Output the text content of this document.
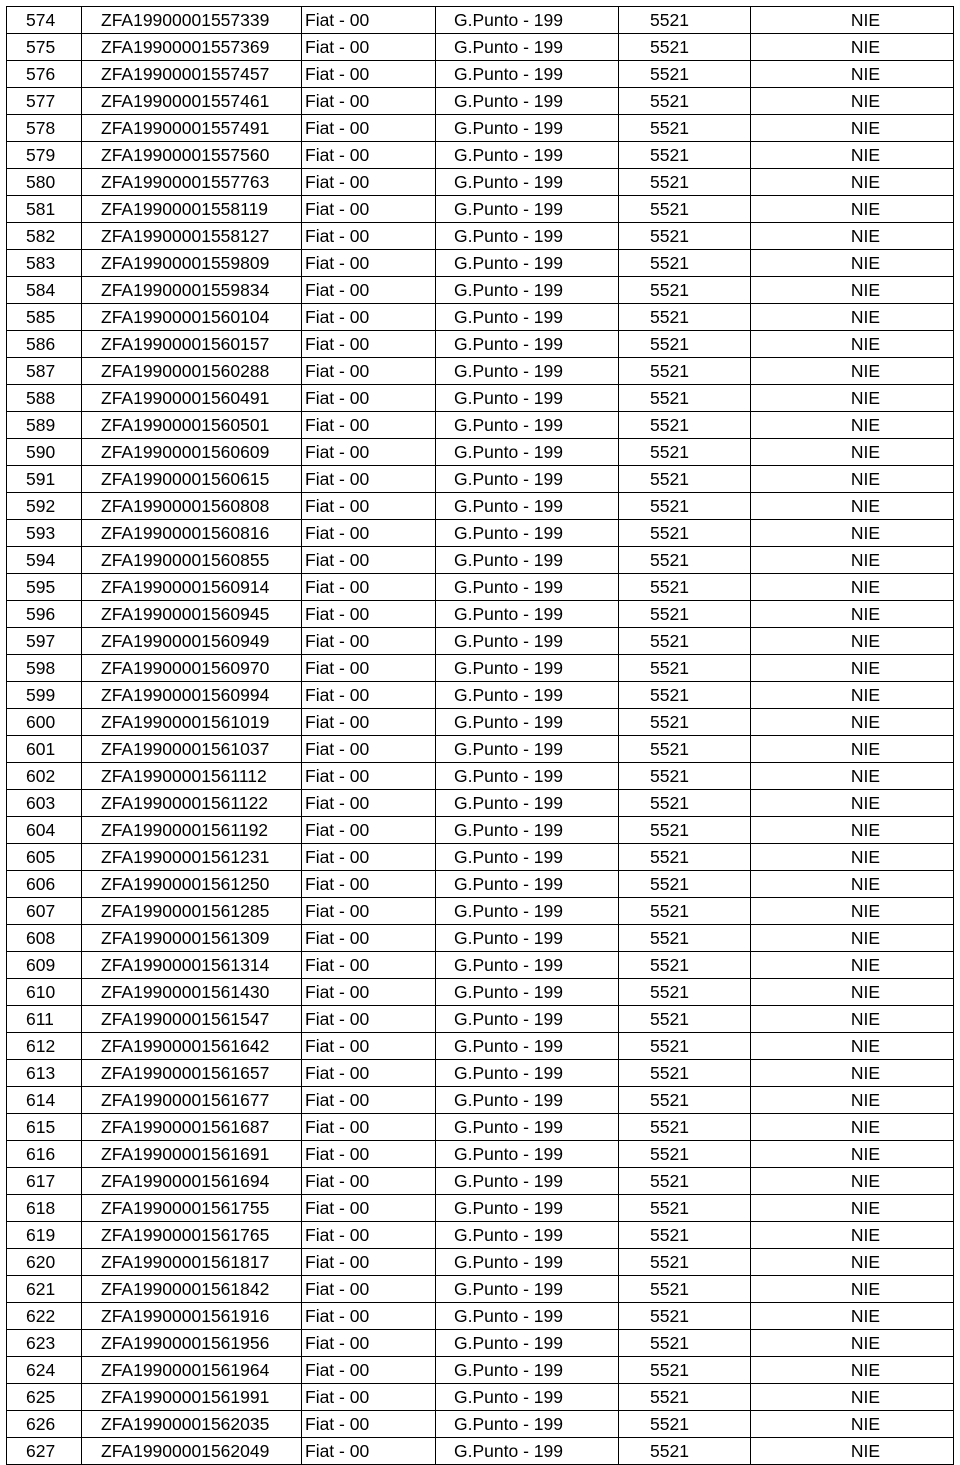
574	ZFA19900001557339	Fiat - 00	G.Punto - 199	5521	NIE
575	ZFA19900001557369	Fiat - 00	G.Punto - 199	5521	NIE
576	ZFA19900001557457	Fiat - 00	G.Punto - 199	5521	NIE
577	ZFA19900001557461	Fiat - 00	G.Punto - 199	5521	NIE
578	ZFA19900001557491	Fiat - 00	G.Punto - 199	5521	NIE
579	ZFA19900001557560	Fiat - 00	G.Punto - 199	5521	NIE
580	ZFA19900001557763	Fiat - 00	G.Punto - 199	5521	NIE
581	ZFA19900001558119	Fiat - 00	G.Punto - 199	5521	NIE
582	ZFA19900001558127	Fiat - 00	G.Punto - 199	5521	NIE
583	ZFA19900001559809	Fiat - 00	G.Punto - 199	5521	NIE
584	ZFA19900001559834	Fiat - 00	G.Punto - 199	5521	NIE
585	ZFA19900001560104	Fiat - 00	G.Punto - 199	5521	NIE
586	ZFA19900001560157	Fiat - 00	G.Punto - 199	5521	NIE
587	ZFA19900001560288	Fiat - 00	G.Punto - 199	5521	NIE
588	ZFA19900001560491	Fiat - 00	G.Punto - 199	5521	NIE
589	ZFA19900001560501	Fiat - 00	G.Punto - 199	5521	NIE
590	ZFA19900001560609	Fiat - 00	G.Punto - 199	5521	NIE
591	ZFA19900001560615	Fiat - 00	G.Punto - 199	5521	NIE
592	ZFA19900001560808	Fiat - 00	G.Punto - 199	5521	NIE
593	ZFA19900001560816	Fiat - 00	G.Punto - 199	5521	NIE
594	ZFA19900001560855	Fiat - 00	G.Punto - 199	5521	NIE
595	ZFA19900001560914	Fiat - 00	G.Punto - 199	5521	NIE
596	ZFA19900001560945	Fiat - 00	G.Punto - 199	5521	NIE
597	ZFA19900001560949	Fiat - 00	G.Punto - 199	5521	NIE
598	ZFA19900001560970	Fiat - 00	G.Punto - 199	5521	NIE
599	ZFA19900001560994	Fiat - 00	G.Punto - 199	5521	NIE
600	ZFA19900001561019	Fiat - 00	G.Punto - 199	5521	NIE
601	ZFA19900001561037	Fiat - 00	G.Punto - 199	5521	NIE
602	ZFA19900001561112	Fiat - 00	G.Punto - 199	5521	NIE
603	ZFA19900001561122	Fiat - 00	G.Punto - 199	5521	NIE
604	ZFA19900001561192	Fiat - 00	G.Punto - 199	5521	NIE
605	ZFA19900001561231	Fiat - 00	G.Punto - 199	5521	NIE
606	ZFA19900001561250	Fiat - 00	G.Punto - 199	5521	NIE
607	ZFA19900001561285	Fiat - 00	G.Punto - 199	5521	NIE
608	ZFA19900001561309	Fiat - 00	G.Punto - 199	5521	NIE
609	ZFA19900001561314	Fiat - 00	G.Punto - 199	5521	NIE
610	ZFA19900001561430	Fiat - 00	G.Punto - 199	5521	NIE
611	ZFA19900001561547	Fiat - 00	G.Punto - 199	5521	NIE
612	ZFA19900001561642	Fiat - 00	G.Punto - 199	5521	NIE
613	ZFA19900001561657	Fiat - 00	G.Punto - 199	5521	NIE
614	ZFA19900001561677	Fiat - 00	G.Punto - 199	5521	NIE
615	ZFA19900001561687	Fiat - 00	G.Punto - 199	5521	NIE
616	ZFA19900001561691	Fiat - 00	G.Punto - 199	5521	NIE
617	ZFA19900001561694	Fiat - 00	G.Punto - 199	5521	NIE
618	ZFA19900001561755	Fiat - 00	G.Punto - 199	5521	NIE
619	ZFA19900001561765	Fiat - 00	G.Punto - 199	5521	NIE
620	ZFA19900001561817	Fiat - 00	G.Punto - 199	5521	NIE
621	ZFA19900001561842	Fiat - 00	G.Punto - 199	5521	NIE
622	ZFA19900001561916	Fiat - 00	G.Punto - 199	5521	NIE
623	ZFA19900001561956	Fiat - 00	G.Punto - 199	5521	NIE
624	ZFA19900001561964	Fiat - 00	G.Punto - 199	5521	NIE
625	ZFA19900001561991	Fiat - 00	G.Punto - 199	5521	NIE
626	ZFA19900001562035	Fiat - 00	G.Punto - 199	5521	NIE
627	ZFA19900001562049	Fiat - 00	G.Punto - 199	5521	NIE
